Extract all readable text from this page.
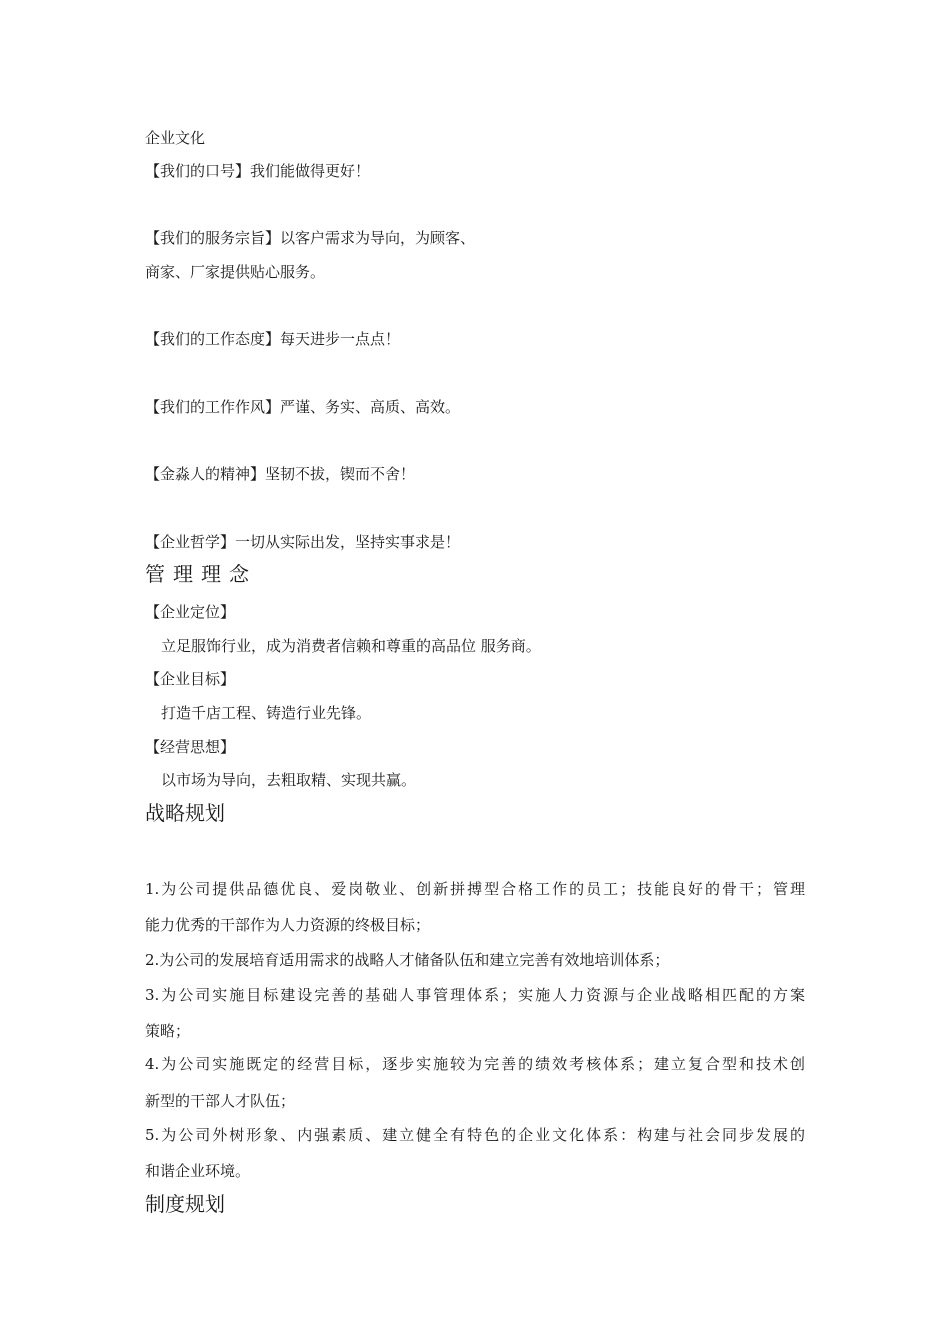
企业文化
【我们的口号】我们能做得更好！
【我们的服务宗旨】以客户需求为导向，为顾客、
商家、厂家提供贴心服务。
【我们的工作态度】每天进步一点点！
【我们的工作作风】严谨、务实、高质、高效。
【金淼人的精神】坚韧不拔，锲而不舍！
【企业哲学】一切从实际出发，坚持实事求是！
管理理念
【企业定位】
立足服饰行业，成为消费者信赖和尊重的高品位 服务商。
【企业目标】
打造千店工程、铸造行业先锋。
【经营思想】
以市场为导向，去粗取精、实现共赢。
战略规划
1.为公司提供品德优良、爱岗敬业、创新拼搏型合格工作的员工；技能良好的骨干；管理
能力优秀的干部作为人力资源的终极目标；
2.为公司的发展培育适用需求的战略人才储备队伍和建立完善有效地培训体系；
3.为公司实施目标建设完善的基础人事管理体系；实施人力资源与企业战略相匹配的方案
策略；
4.为公司实施既定的经营目标，逐步实施较为完善的绩效考核体系；建立复合型和技术创
新型的干部人才队伍；
5.为公司外树形象、内强素质、建立健全有特色的企业文化体系：构建与社会同步发展的
和谐企业环境。
制度规划
